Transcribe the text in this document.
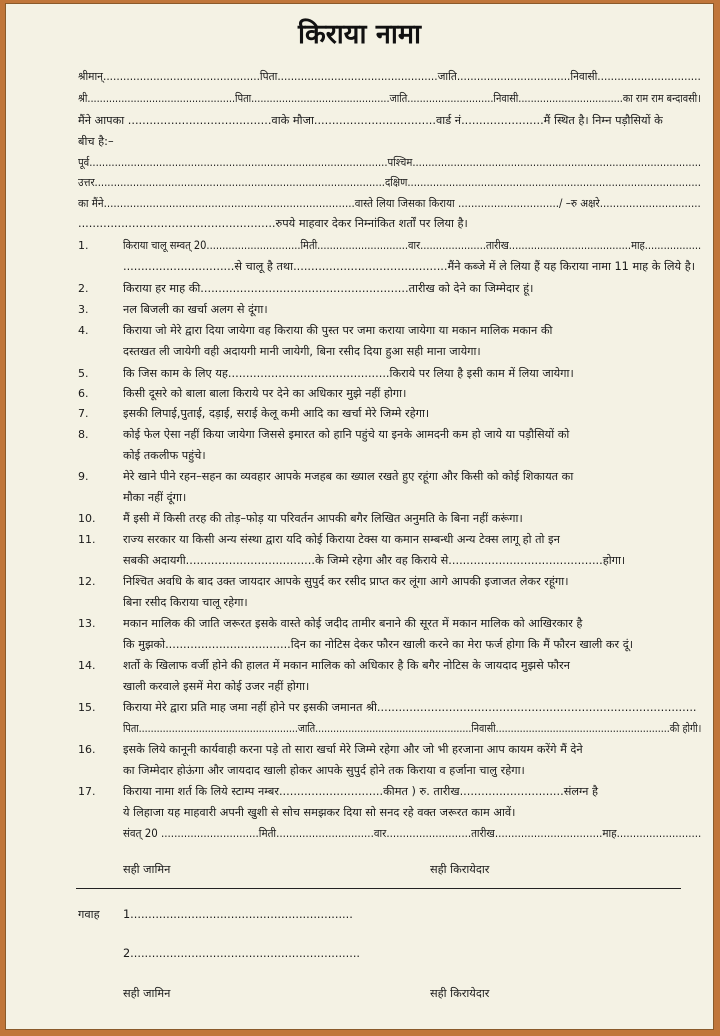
किराया नामा
श्रीमान्...............................................पिता................................................जाति..................................निवासी...............................
श्री................................................पिता.............................................जाति............................निवासी..................................का राम राम बन्दावसी।
मैंने आपका ........................................वाके मौजा..................................वार्ड नं.......................मैं स्थित है। निम्न पड़ौसियों के
बीच है:–
पूर्व..............................................................................................पश्चिम...........................................................................................
उत्तर...........................................................................................दक्षिण............................................................................................
का मैंने.............................................................................वास्ते लिया जिसका किराया .............................../ –रु अक्षरे...............................
.......................................................रुपये माहवार देकर निम्नांकित शर्तों पर लिया है।
1.	किराया चालू सम्वत् 20..............................मिती.............................वार.....................तारीख.......................................माह..................
...............................से चालू है तथा...........................................मैंने कब्जे में ले लिया हैं यह किराया नामा 11 माह के लिये है।
2.	किराया हर माह की..........................................................तारीख को देने का जिम्मेदार हूं।
3.	नल बिजली का खर्चा अलग से दूंगा।
4.	किराया जो मेरे द्वारा दिया जायेगा वह किराया की पुस्त पर जमा कराया जायेगा या मकान मालिक मकान की
दस्तखत ली जायेगी वही अदायगी मानी जायेगी, बिना रसीद दिया हुआ सही माना जायेगा।
5.	कि जिस काम के लिए यह.............................................किराये पर लिया है इसी काम में लिया जायेगा।
6.	किसी दूसरे को बाला बाला किराये पर देने का अधिकार मुझे नहीं होगा।
7.	इसकी लिपाई,पुताई, दड़ाई, सराई केलू कमी आदि का खर्चा मेरे जिम्मे रहेगा।
8.	कोई फेल ऐसा नहीं किया जायेगा जिससे इमारत को हानि पहुंचे या इनके आमदनी कम हो जाये या पड़ौसियों को
कोई तकलीफ पहुंचे।
9.	मेरे खाने पीने रहन–सहन का व्यवहार आपके मजहब का ख्याल रखते हुए रहूंगा और किसी को कोई शिकायत का
मौका नहीं दूंगा।
10. मैं इसी में किसी तरह की तोड़–फोड़ या परिवर्तन आपकी बगैर लिखित अनुमति के बिना नहीं करूंगा।
11. राज्य सरकार या किसी अन्य संस्था द्वारा यदि कोई किराया टेक्स या कमान सम्बन्धी अन्य टेक्स लागू हो तो इन
सबकी अदायगी....................................के जिम्मे रहेगा और वह किराये से...........................................होगा।
12. निश्चित अवधि के बाद उक्त जायदार आपके सुपुर्द कर रसीद प्राप्त कर लूंगा आगे आपकी इजाजत लेकर रहूंगा।
बिना रसीद किराया चालू रहेगा।
13. मकान मालिक की जाति जरूरत इसके वास्ते कोई जदीद तामीर बनाने की सूरत में मकान मालिक को आखिरकार है
कि मुझको...................................दिन का नोटिस देकर फौरन खाली करने का मेरा फर्ज होगा कि मैं फौरन खाली कर दूं।
14. शर्तो के खिलाफ वर्जी होने की हालत में मकान मालिक को अधिकार है कि बगैर नोटिस के जायदाद मुझसे फौरन
खाली करवाले इसमें मेरा कोई उजर नहीं होगा।
15. किराया मेरे द्वारा प्रति माह जमा नहीं होने पर इसकी जमानत श्री.........................................................................................
पिता.....................................................जाति....................................................निवासी..........................................................की होगी।
16. इसके लिये कानूनी कार्यवाही करना पड़े तो सारा खर्चा मेरे जिम्मे रहेगा और जो भी हरजाना आप कायम करेंगे मैं देने
का जिम्मेदार होऊंगा और जायदाद खाली होकर आपके सुपुर्द होने तक किराया व हर्जाना चालु रहेगा।
17. किराया नामा शर्त कि लिये स्टाम्प नम्बर.............................कीमत ) रु. तारीख.............................संलग्न है
ये लिहाजा यह माहवारी अपनी खुशी से सोच समझकर दिया सो सनद रहे वक्त जरूरत काम आवें।
संवत् 20 ..............................मिती..............................वार..........................तारीख.................................माह..........................
सही जामिन	सही किरायेदार
गवाह 1..............................................................
2................................................................
सही जामिन	सही किरायेदार
